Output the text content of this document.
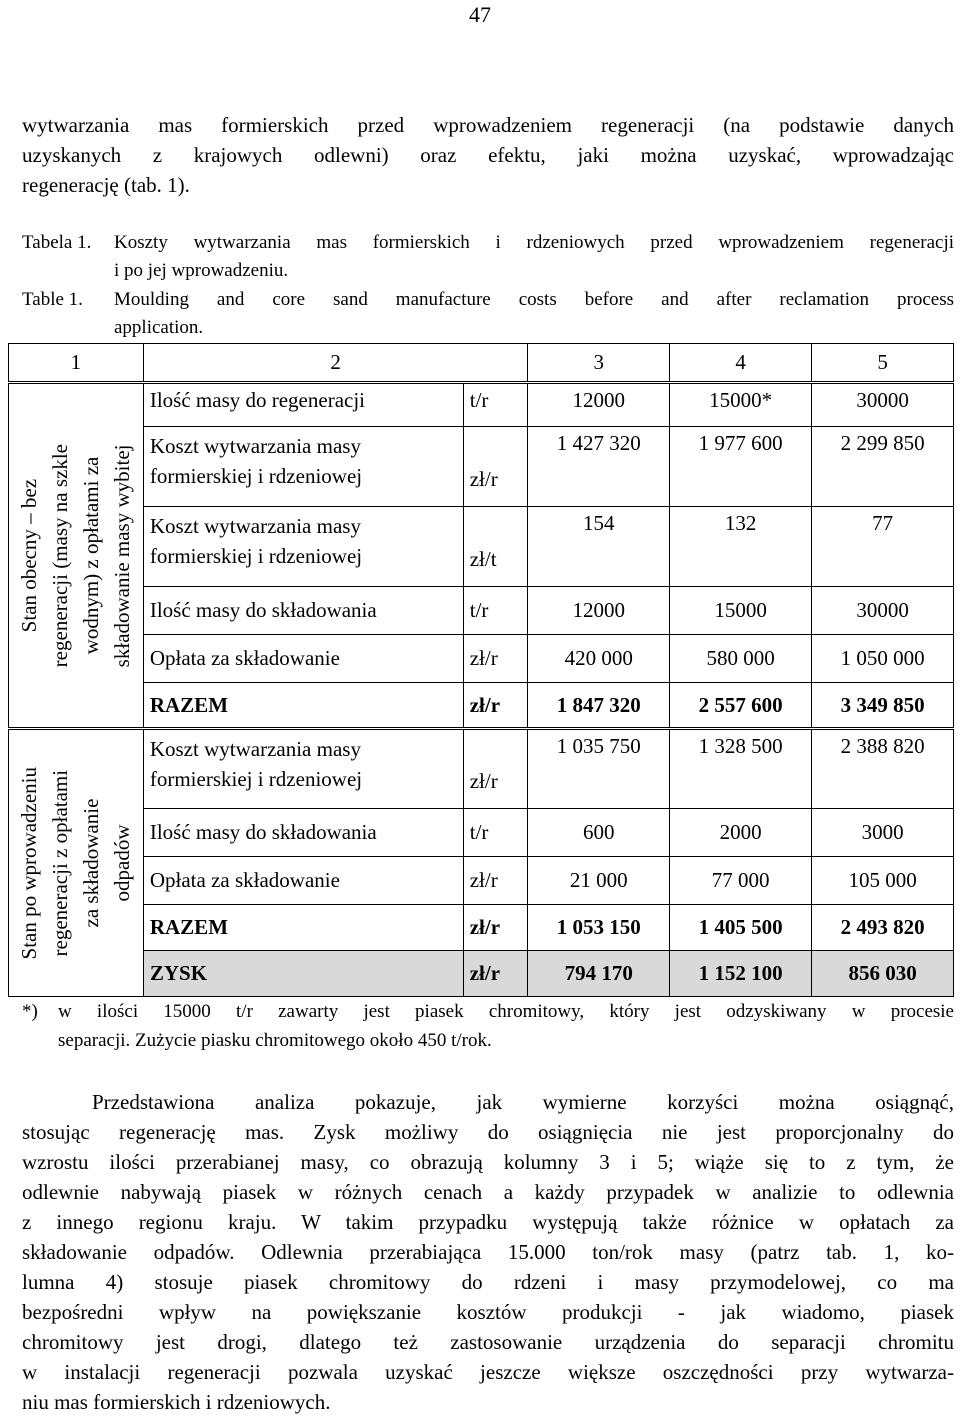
47
wytwarzania mas formierskich przed wprowadzeniem regeneracji (na podstawie danych
uzyskanych z krajowych odlewni) oraz efektu, jaki można uzyskać, wprowadzając
regenerację (tab. 1).
Tabela 1.	Koszty wytwarzania mas formierskich i rdzeniowych przed wprowadzeniem regeneracji
i po jej wprowadzeniu.
Table 1.	Moulding and core sand manufacture costs before and after reclamation process
application.
1	2		3	4	5

Stan obecny – bez regeneracji (masy na szkle wodnym) z opłatami za składowanie masy wybitej	Ilość masy do regeneracji	t/r	12000	15000*	30000

	Koszt wytwarzania masy
formierskiej i rdzeniowej	zł/r	1 427 320	1 977 600	2 299 850

	Koszt wytwarzania masy
formierskiej i rdzeniowej	zł/t	154	132	77
	Ilość masy do składowania	t/r	12000	15000	30000
	Opłata za składowanie	zł/r	420 000	580 000	1 050 000
	RAZEM	zł/r	1 847 320	2 557 600	3 349 850

Stan po wprowadzeniu regeneracji z opłatami za składowanie odpadów	Koszt wytwarzania masy
formierskiej i rdzeniowej	zł/r	1 035 750	1 328 500	2 388 820
	Ilość masy do składowania	t/r	600	2000	3000
	Opłata za składowanie	zł/r	21 000	77 000	105 000
	RAZEM	zł/r	1 053 150	1 405 500	2 493 820
	ZYSK	zł/r	794 170	1 152 100	856 030
*)	w ilości 15000 t/r zawarty jest piasek chromitowy, który jest odzyskiwany w procesie
separacji. Zużycie piasku chromitowego około 450 t/rok.
Przedstawiona analiza pokazuje, jak wymierne korzyści można osiągnąć,
stosując regenerację mas. Zysk możliwy do osiągnięcia nie jest proporcjonalny do
wzrostu ilości przerabianej masy, co obrazują kolumny 3 i 5; wiąże się to z tym, że
odlewnie nabywają piasek w różnych cenach a każdy przypadek w analizie to odlewnia
z innego regionu kraju. W takim przypadku występują także różnice w opłatach za
składowanie odpadów. Odlewnia przerabiająca 15.000 ton/rok masy (patrz tab. 1, ko-
lumna 4) stosuje piasek chromitowy do rdzeni i masy przymodelowej, co ma
bezpośredni wpływ na powiększanie kosztów produkcji - jak wiadomo, piasek
chromitowy jest drogi, dlatego też zastosowanie urządzenia do separacji chromitu
w instalacji regeneracji pozwala uzyskać jeszcze większe oszczędności przy wytwarza-
niu mas formierskich i rdzeniowych.
